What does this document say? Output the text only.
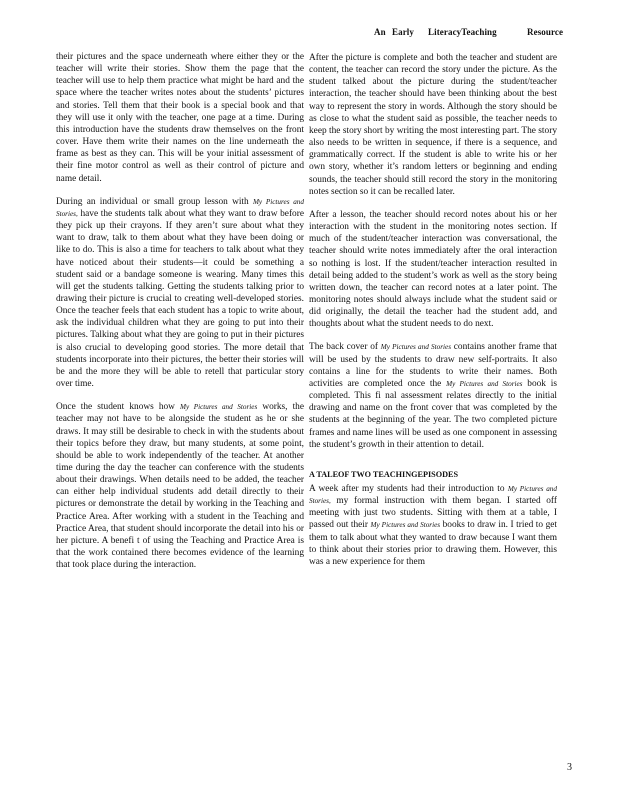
An Early LiteracyTeaching	Resource

their pictures and the space underneath where either they or the teacher will write their stories. Show them the page that the teacher will use to help them practice what might be hard and the space where the teacher writes notes about the students’ pictures and stories. Tell them that their book is a special book and that they will use it only with the teacher, one page at a time. During this introduction have the students draw themselves on the front cover. Have them write their names on the line underneath the frame as best as they can. This will be your initial assessment of their fine motor control as well as their control of picture and name detail.

During an individual or small group lesson with My Pictures and Stories, have the students talk about what they want to draw before they pick up their crayons. If they aren’t sure about what they want to draw, talk to them about what they have been doing or like to do. This is also a time for teachers to talk about what they have noticed about their students—it could be something a student said or a bandage someone is wearing. Many times this will get the students talking. Getting the students talking prior to drawing their picture is crucial to creating well-developed stories. Once the teacher feels that each student has a topic to write about, ask the individual children what they are going to put into their pictures. Talking about what they are going to put in their pictures is also crucial to developing good stories. The more detail that students incorporate into their pictures, the better their stories will be and the more they will be able to retell that particular story over time.

Once the student knows how My Pictures and Stories works, the teacher may not have to be alongside the student as he or she draws. It may still be desirable to check in with the students about their topics before they draw, but many students, at some point, should be able to work independently of the teacher. At another time during the day the teacher can conference with the students about their drawings. When details need to be added, the teacher can either help individual students add detail directly to their pictures or demonstrate the detail by working in the Teaching and Practice Area. After working with a student in the Teaching and Practice Area, that student should incorporate the detail into his or her picture. A benefi t of using the Teaching and Practice Area is that the work contained there becomes evidence of the learning that took place during the interaction.

After the picture is complete and both the teacher and student are content, the teacher can record the story under the picture. As the student talked about the picture during the student/teacher interaction, the teacher should have been thinking about the best way to represent the story in words. Although the story should be as close to what the student said as possible, the teacher needs to keep the story short by writing the most interesting part. The story also needs to be written in sequence, if there is a sequence, and grammatically correct. If the student is able to write his or her own story, whether it’s random letters or beginning and ending sounds, the teacher should still record the story in the monitoring notes section so it can be recalled later.

After a lesson, the teacher should record notes about his or her interaction with the student in the monitoring notes section. If much of the student/teacher interaction was conversational, the teacher should write notes immediately after the oral interaction so nothing is lost. If the student/teacher interaction resulted in detail being added to the student’s work as well as the story being written down, the teacher can record notes at a later point. The monitoring notes should always include what the student said or did originally, the detail the teacher had the student add, and thoughts about what the student needs to do next.

The back cover of My Pictures and Stories contains another frame that will be used by the students to draw new self-portraits. It also contains a line for the students to write their names. Both activities are completed once the My Pictures and Stories book is completed. This fi nal assessment relates directly to the initial drawing and name on the front cover that was completed by the students at the beginning of the year. The two completed picture frames and name lines will be used as one component in assessing the student’s growth in their attention to detail.

A TALEOF TWO TEACHINGEPISODES

A week after my students had their introduction to My Pictures and Stories, my formal instruction with them began. I started off meeting with just two students. Sitting with them at a table, I passed out their My Pictures and Stories books to draw in. I tried to get them to talk about what they wanted to draw because I want them to think about their stories prior to drawing them. However, this was a new experience for them

3
